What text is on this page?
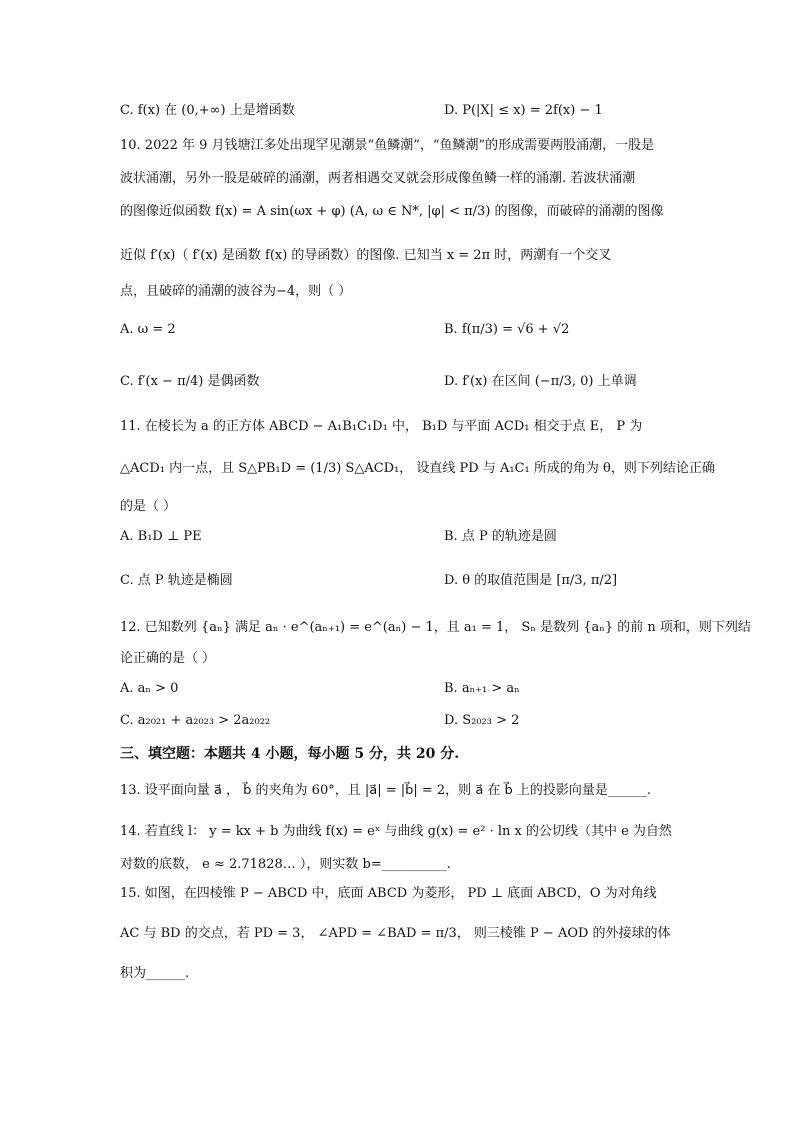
C. f(x) 在 (0,+∞) 上是增函数	D. P(|X| ≤ x) = 2f(x) − 1
10. 2022 年 9 月钱塘江多处出现罕见潮景“鱼鳞潮”，“鱼鳞潮”的形成需要两股涌潮，一股是
波状涌潮，另外一股是破碎的涌潮，两者相遇交叉就会形成像鱼鳞一样的涌潮. 若波状涌潮
的图像近似函数 f(x) = A sin(ωx + φ) (A, ω ∈ N*, |φ| < π/3) 的图像，而破碎的涌潮的图像
近似 f′(x)（ f′(x) 是函数 f(x) 的导函数）的图像. 已知当 x = 2π 时，两潮有一个交叉
点，且破碎的涌潮的波谷为−4，则（ ）
A. ω = 2	B. f(π/3) = √6 + √2
C. f′(x − π/4) 是偶函数	D. f′(x) 在区间 (−π/3, 0) 上单调
11. 在棱长为 a 的正方体 ABCD − A₁B₁C₁D₁ 中， B₁D 与平面 ACD₁ 相交于点 E， P 为
△ACD₁ 内一点，且 S△PB₁D = (1/3) S△ACD₁， 设直线 PD 与 A₁C₁ 所成的角为 θ，则下列结论正确
的是（ ）
A. B₁D ⊥ PE	B. 点 P 的轨迹是圆
C. 点 P 轨迹是椭圆	D. θ 的取值范围是 [π/3, π/2]
12. 已知数列 {aₙ} 满足 aₙ · e^(aₙ₊₁) = e^(aₙ) − 1，且 a₁ = 1， Sₙ 是数列 {aₙ} 的前 n 项和，则下列结
论正确的是（ ）
A. aₙ > 0	B. aₙ₊₁ > aₙ
C. a₂₀₂₁ + a₂₀₂₃ > 2a₂₀₂₂	D. S₂₀₂₃ > 2
三、填空题：本题共 4 小题，每小题 5 分，共 20 分.
13. 设平面向量 a⃗ ， b⃗ 的夹角为 60°，且 |a⃗| = |b⃗| = 2，则 a⃗ 在 b⃗ 上的投影向量是______.
14. 若直线 l： y = kx + b 为曲线 f(x) = eˣ 与曲线 g(x) = e² · ln x 的公切线（其中 e 为自然
对数的底数， e ≈ 2.71828… ），则实数 b=__________.
15. 如图，在四棱锥 P − ABCD 中，底面 ABCD 为菱形， PD ⊥ 底面 ABCD，O 为对角线
AC 与 BD 的交点，若 PD = 3， ∠APD = ∠BAD = π/3， 则三棱锥 P − AOD 的外接球的体
积为______.
